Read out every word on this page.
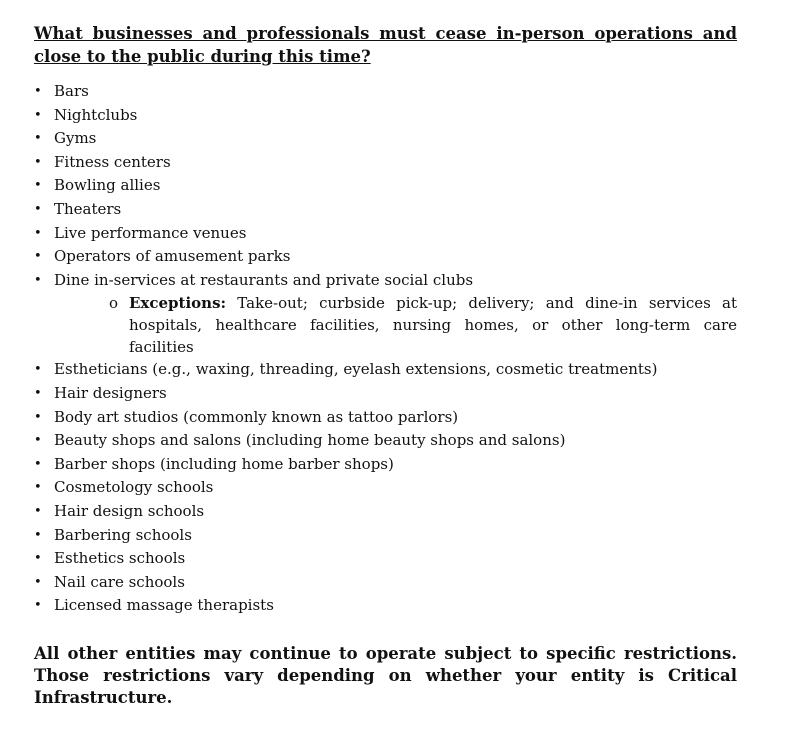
What businesses and professionals must cease in-person operations and close to the public during this time?

• Bars
• Nightclubs
• Gyms
• Fitness centers
• Bowling allies
• Theaters
• Live performance venues
• Operators of amusement parks
• Dine in-services at restaurants and private social clubs
o Exceptions: Take-out; curbside pick-up; delivery; and dine-in services at hospitals, healthcare facilities, nursing homes, or other long-term care facilities
• Estheticians (e.g., waxing, threading, eyelash extensions, cosmetic treatments)
• Hair designers
• Body art studios (commonly known as tattoo parlors)
• Beauty shops and salons (including home beauty shops and salons)
• Barber shops (including home barber shops)
• Cosmetology schools
• Hair design schools
• Barbering schools
• Esthetics schools
• Nail care schools
• Licensed massage therapists

All other entities may continue to operate subject to specific restrictions. Those restrictions vary depending on whether your entity is Critical Infrastructure.
